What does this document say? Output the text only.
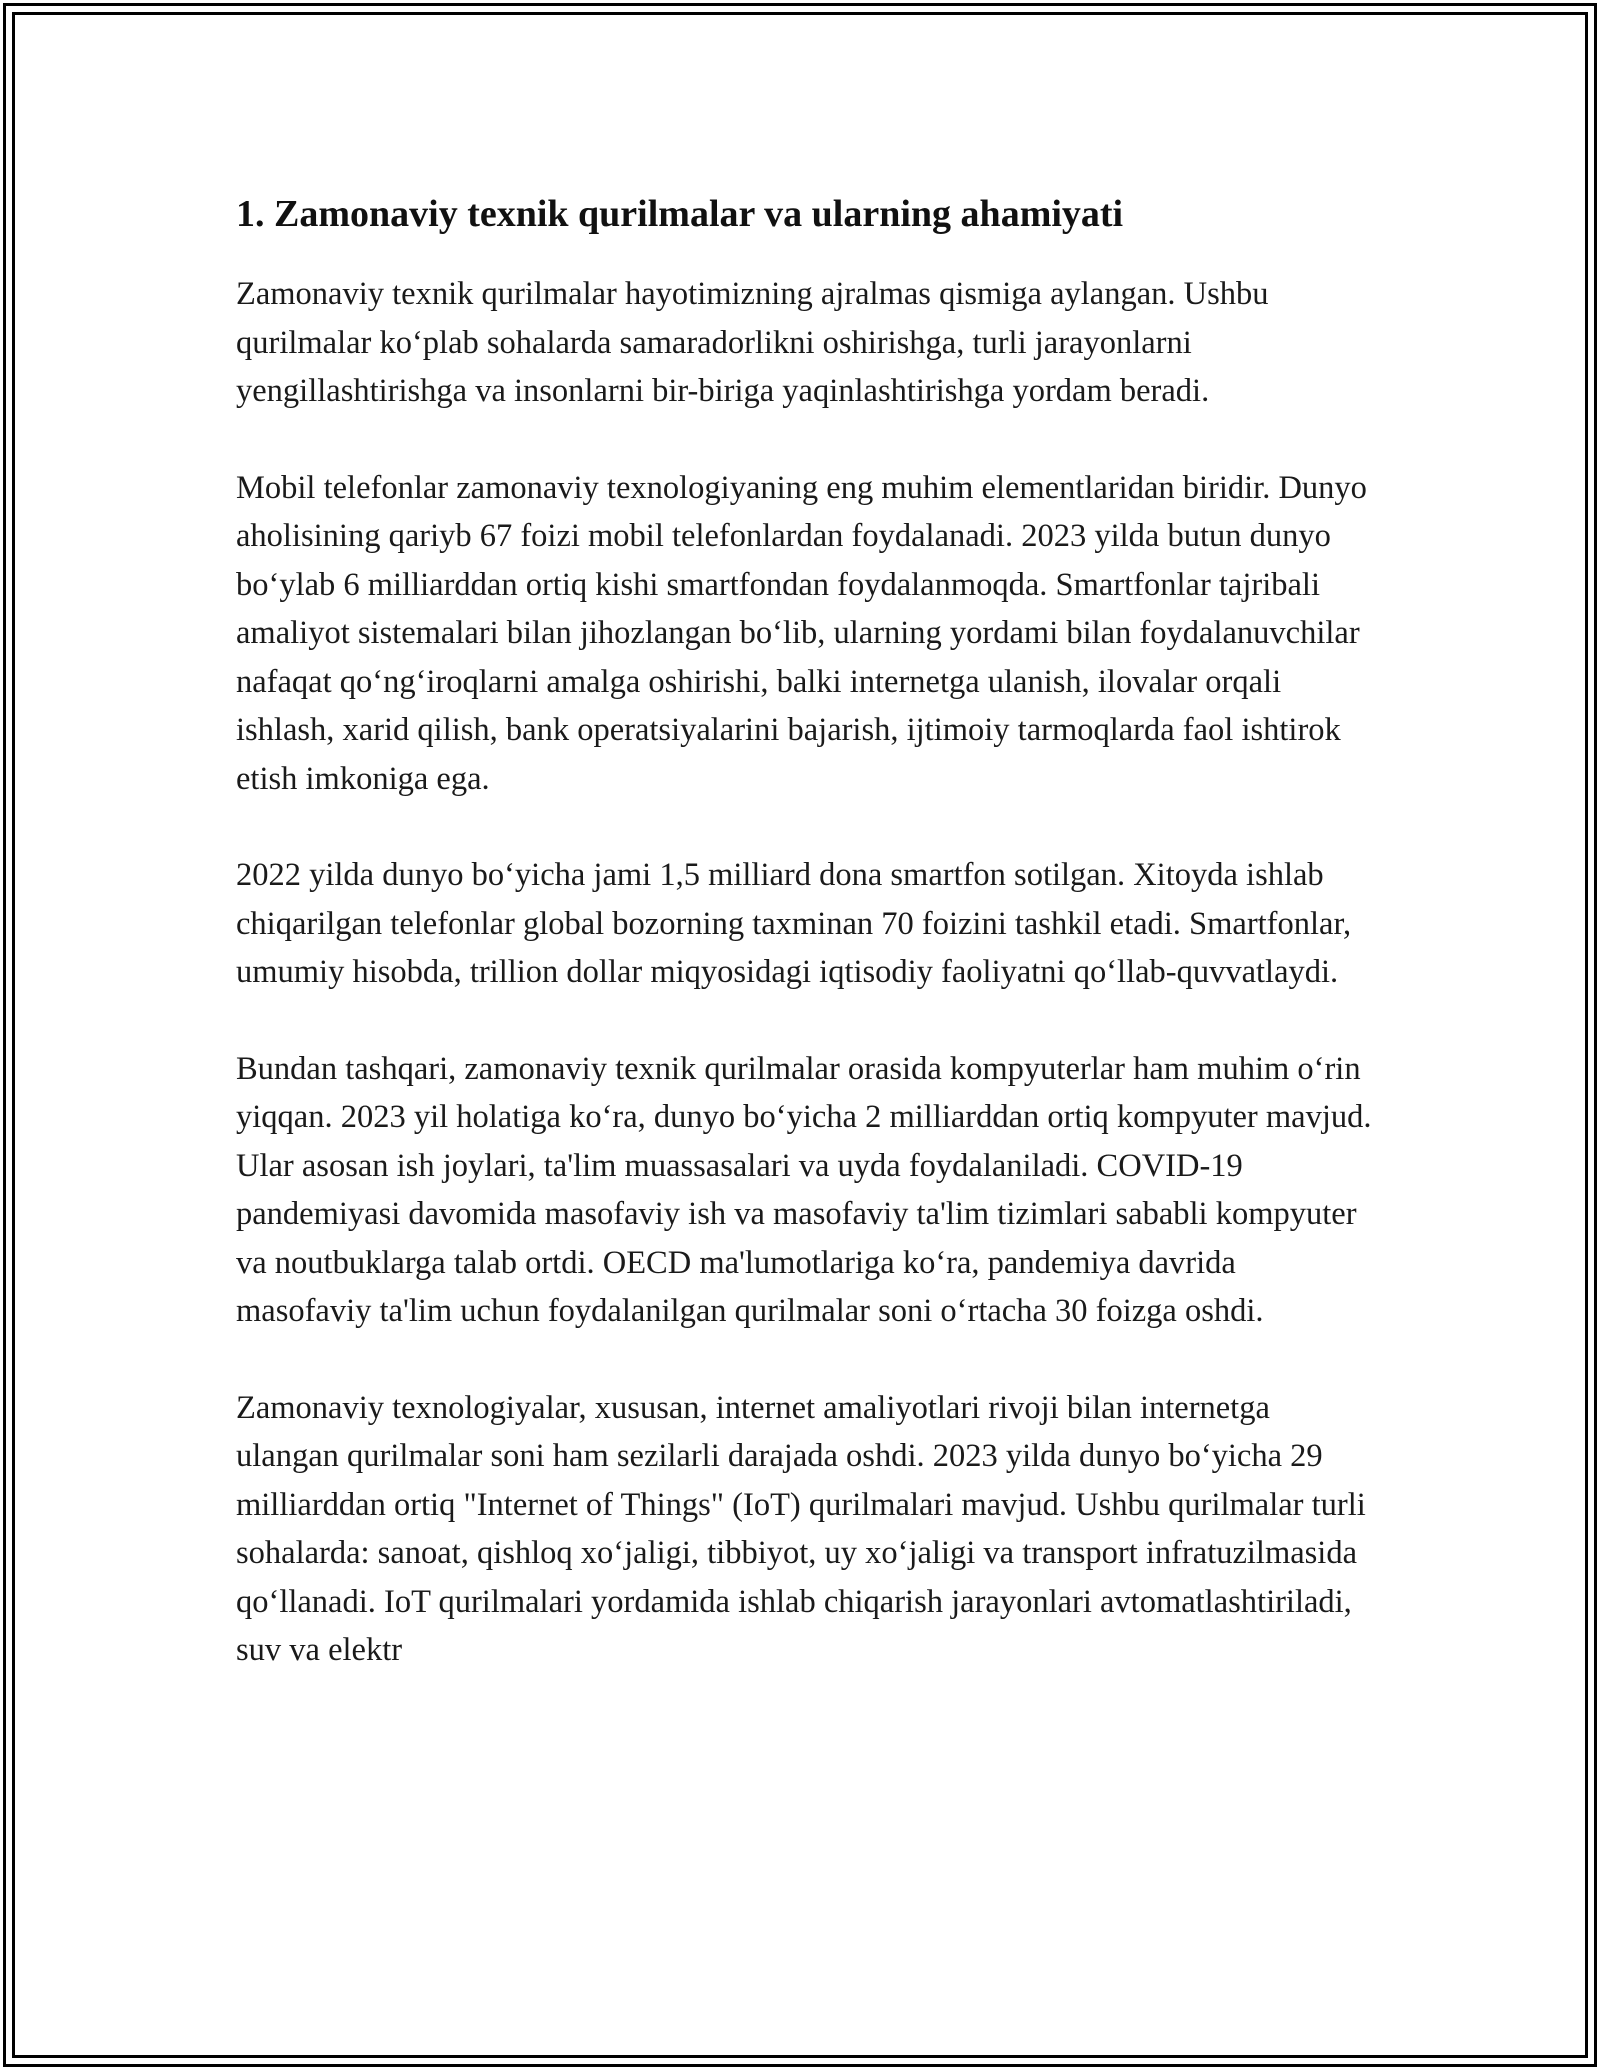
1. Zamonaviy texnik qurilmalar va ularning ahamiyati

Zamonaviy texnik qurilmalar hayotimizning ajralmas qismiga aylangan. Ushbu qurilmalar ko‘plab sohalarda samaradorlikni oshirishga, turli jarayonlarni yengillashtirishga va insonlarni bir-biriga yaqinlashtirishga yordam beradi.

Mobil telefonlar zamonaviy texnologiyaning eng muhim elementlaridan biridir. Dunyo aholisining qariyb 67 foizi mobil telefonlardan foydalanadi. 2023 yilda butun dunyo bo‘ylab 6 milliarddan ortiq kishi smartfondan foydalanmoqda. Smartfonlar tajribali amaliyot sistemalari bilan jihozlangan bo‘lib, ularning yordami bilan foydalanuvchilar nafaqat qo‘ng‘iroqlarni amalga oshirishi, balki internetga ulanish, ilovalar orqali ishlash, xarid qilish, bank operatsiyalarini bajarish, ijtimoiy tarmoqlarda faol ishtirok etish imkoniga ega.

2022 yilda dunyo bo‘yicha jami 1,5 milliard dona smartfon sotilgan. Xitoyda ishlab chiqarilgan telefonlar global bozorning taxminan 70 foizini tashkil etadi. Smartfonlar, umumiy hisobda, trillion dollar miqyosidagi iqtisodiy faoliyatni qo‘llab-quvvatlaydi.

Bundan tashqari, zamonaviy texnik qurilmalar orasida kompyuterlar ham muhim o‘rin yiqqan. 2023 yil holatiga ko‘ra, dunyo bo‘yicha 2 milliarddan ortiq kompyuter mavjud. Ular asosan ish joylari, ta'lim muassasalari va uyda foydalaniladi. COVID-19 pandemiyasi davomida masofaviy ish va masofaviy ta'lim tizimlari sababli kompyuter va noutbuklarga talab ortdi. OECD ma'lumotlariga ko‘ra, pandemiya davrida masofaviy ta'lim uchun foydalanilgan qurilmalar soni o‘rtacha 30 foizga oshdi.

Zamonaviy texnologiyalar, xususan, internet amaliyotlari rivoji bilan internetga ulangan qurilmalar soni ham sezilarli darajada oshdi. 2023 yilda dunyo bo‘yicha 29 milliarddan ortiq "Internet of Things" (IoT) qurilmalari mavjud. Ushbu qurilmalar turli sohalarda: sanoat, qishloq xo‘jaligi, tibbiyot, uy xo‘jaligi va transport infratuzilmasida qo‘llanadi. IoT qurilmalari yordamida ishlab chiqarish jarayonlari avtomatlashtiriladi, suv va elektr
